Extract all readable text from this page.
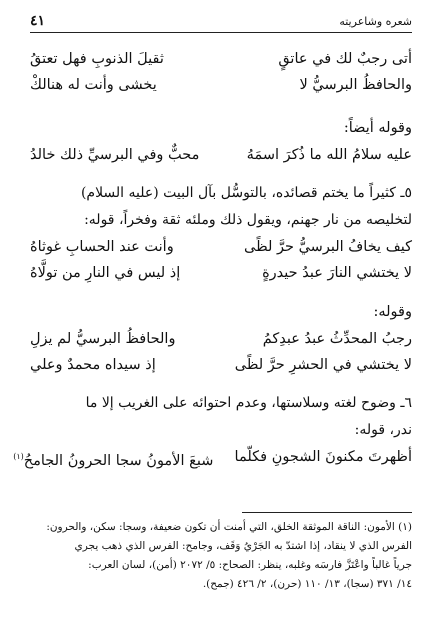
شعره وشاعريته
٤١
أتى رجبٌ لك في عاتقٍ
ثقيلَ الذنوبِ فهل تعتقُ
والحافظُ البرسيُّ لا
يخشى وأنت له هنالكْ
وقوله أيضاً:
عليه سلامُ الله ما ذُكرَ اسمَهُ
محبٌّ وفي البرسيِّ ذلك خالدُ
٥ـ كثيراً ما يختم قصائده، بالتوسُّل بآل البيت (عليه السلام)
لتخليصه من نار جهنم، ويقول ذلك وملئه ثقة وفخراً، قوله:
كيف يخافُ البرسيُّ حرَّ لظًى
وأنت عند الحسابِ غوثاهُ
لا يختشي النارَ عبدُ حيدرةٍ
إذ ليس في النارِ من تولَّاهُ
وقوله:
رجبُ المحدِّثُ عبدُ عبدِكمُ
والحافظُ البرسيُّ لم يزلِ
لا يختشي في الحشرِ حرَّ لظًى
إذ سيداه محمدٌ وعلي
٦ـ وضوح لغته وسلاستها، وعدم احتوائه على الغريب إلا ما
ندر، قوله:
أظهرتَ مكنونَ الشجونِ فكلّما
شبعَ الأمونُ سجا الحرونُ الجامحُ$^{(١)}$
(١) الأمون: الناقة الموثقة الخلق، التي أمنت أن تكون ضعيفة، وسجا: سكن، والحرون:
الفرس الذي لا ينقاد، إذا اشتدّ به الجَرْيُ وَقَف، وجامح: الفرس الذي ذهب يجري
جرياً غالباً واعْتَزَّ فارسَه وغلبه، ينظر: الصحاح: ٥/ ٢٠٧٢ (أمن)، لسان العرب:
١٤/ ٣٧١ (سجا)، ١٣/ ١١٠ (حرن)، ٢/ ٤٢٦ (جمح).
